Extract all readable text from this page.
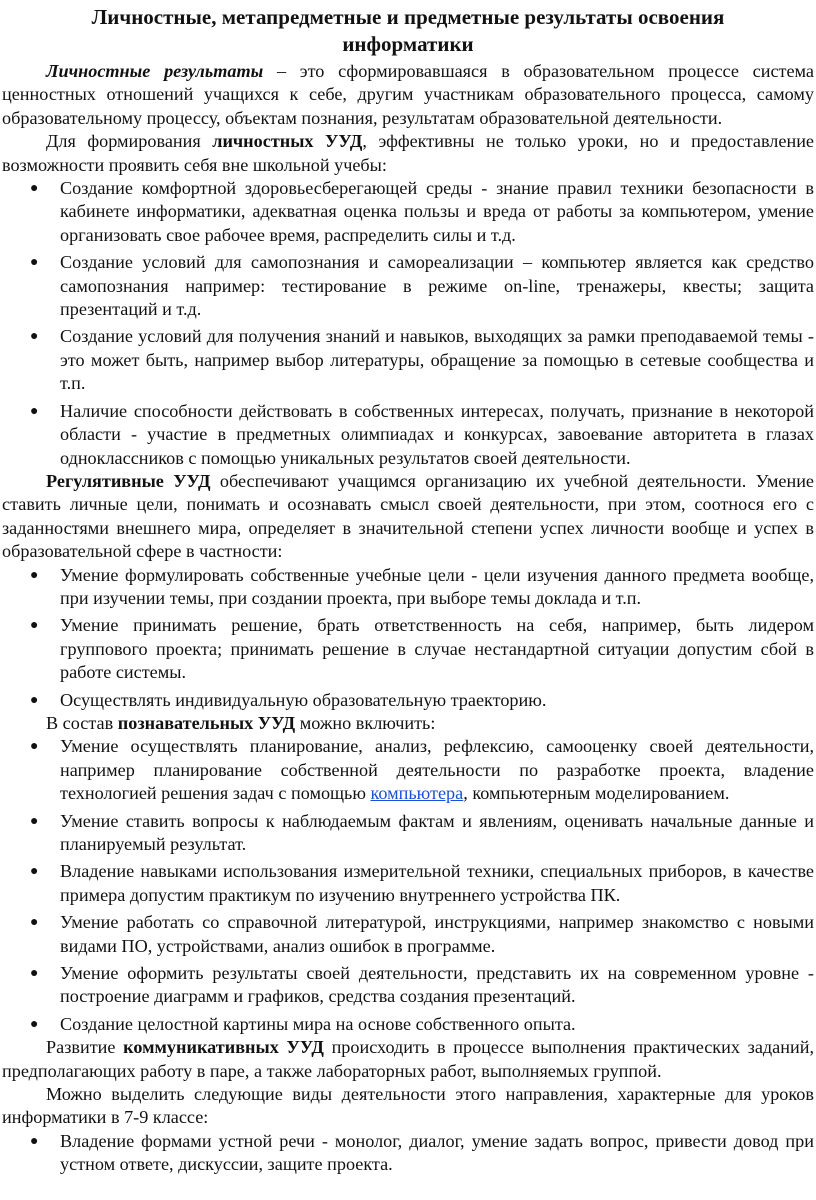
Личностные, метапредметные и предметные результаты освоения информатики

Личностные результаты – это сформировавшаяся в образовательном процессе система ценностных отношений учащихся к себе, другим участникам образовательного процесса, самому образовательному процессу, объектам познания, результатам образовательной деятельности.

Для формирования личностных УУД, эффективны не только уроки, но и предоставление возможности проявить себя вне школьной учебы:

● Создание комфортной здоровьесберегающей среды - знание правил техники безопасности в кабинете информатики, адекватная оценка пользы и вреда от работы за компьютером, умение организовать свое рабочее время, распределить силы и т.д.
● Создание условий для самопознания и самореализации – компьютер является как средство самопознания например: тестирование в режиме on-line, тренажеры, квесты; защита презентаций и т.д.
● Создание условий для получения знаний и навыков, выходящих за рамки преподаваемой темы - это может быть, например выбор литературы, обращение за помощью в сетевые сообщества и т.п.
● Наличие способности действовать в собственных интересах, получать, признание в некоторой области - участие в предметных олимпиадах и конкурсах, завоевание авторитета в глазах одноклассников с помощью уникальных результатов своей деятельности.

Регулятивные УУД обеспечивают учащимся организацию их учебной деятельности. Умение ставить личные цели, понимать и осознавать смысл своей деятельности, при этом, соотнося его с заданностями внешнего мира, определяет в значительной степени успех личности вообще и успех в образовательной сфере в частности:

● Умение формулировать собственные учебные цели - цели изучения данного предмета вообще, при изучении темы, при создании проекта, при выборе темы доклада и т.п.
● Умение принимать решение, брать ответственность на себя, например, быть лидером группового проекта; принимать решение в случае нестандартной ситуации допустим сбой в работе системы.
● Осуществлять индивидуальную образовательную траекторию.

В состав познавательных УУД можно включить:

● Умение осуществлять планирование, анализ, рефлексию, самооценку своей деятельности, например планирование собственной деятельности по разработке проекта, владение технологией решения задач с помощью компьютера, компьютерным моделированием.
● Умение ставить вопросы к наблюдаемым фактам и явлениям, оценивать начальные данные и планируемый результат.
● Владение навыками использования измерительной техники, специальных приборов, в качестве примера допустим практикум по изучению внутреннего устройства ПК.
● Умение работать со справочной литературой, инструкциями, например знакомство с новыми видами ПО, устройствами, анализ ошибок в программе.
● Умение оформить результаты своей деятельности, представить их на современном уровне - построение диаграмм и графиков, средства создания презентаций.
● Создание целостной картины мира на основе собственного опыта.

Развитие коммуникативных УУД происходить в процессе выполнения практических заданий, предполагающих работу в паре, а также лабораторных работ, выполняемых группой.

Можно выделить следующие виды деятельности этого направления, характерные для уроков информатики в 7-9 классе:

● Владение формами устной речи - монолог, диалог, умение задать вопрос, привести довод при устном ответе, дискуссии, защите проекта.
